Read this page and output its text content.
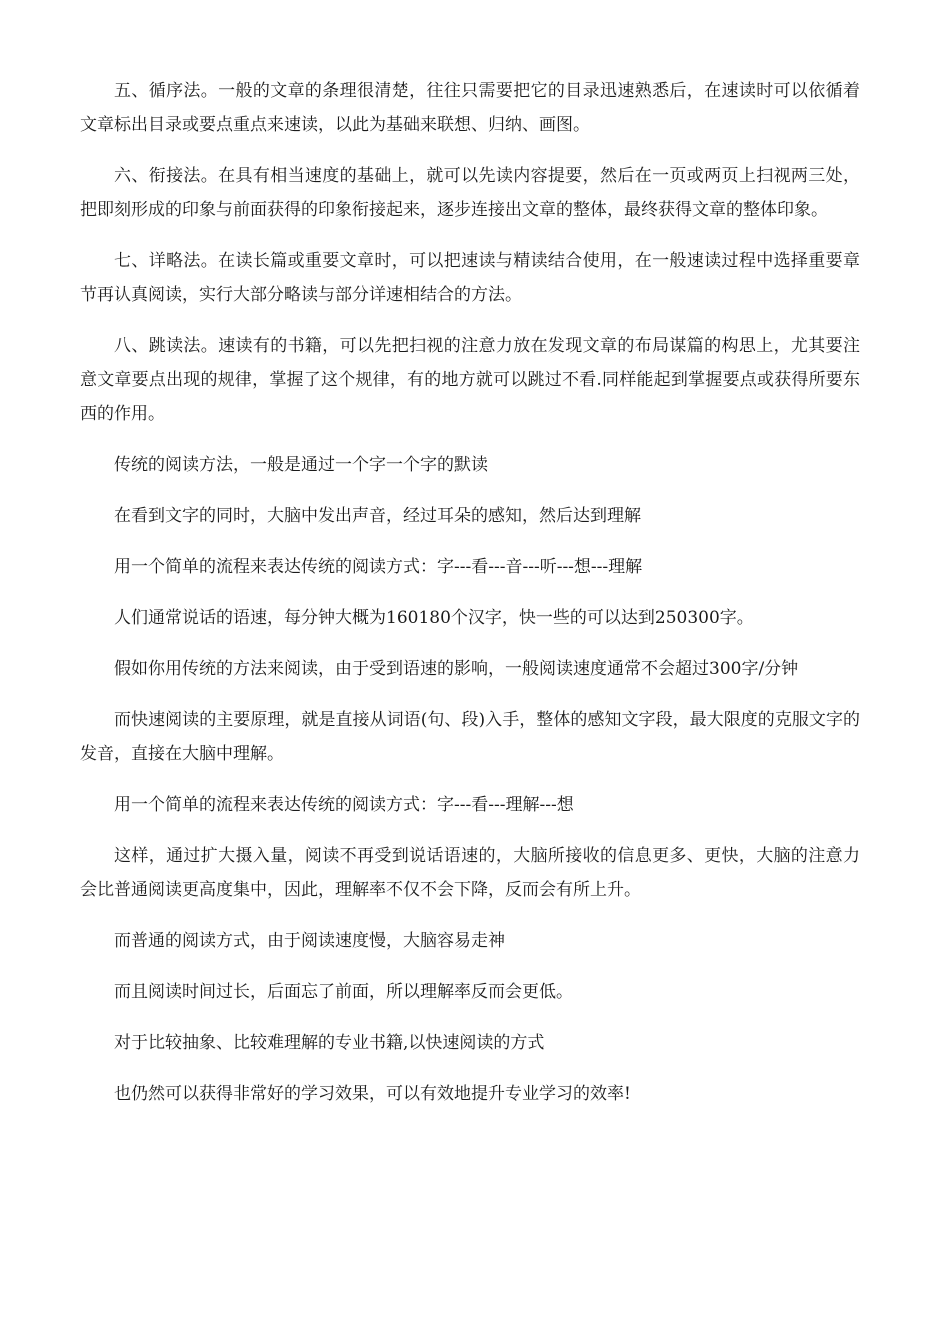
五、循序法。一般的文章的条理很清楚，往往只需要把它的目录迅速熟悉后，在速读时可以依循着文章标出目录或要点重点来速读，以此为基础来联想、归纳、画图。

六、衔接法。在具有相当速度的基础上，就可以先读内容提要，然后在一页或两页上扫视两三处，把即刻形成的印象与前面获得的印象衔接起来，逐步连接出文章的整体，最终获得文章的整体印象。

七、详略法。在读长篇或重要文章时，可以把速读与精读结合使用，在一般速读过程中选择重要章节再认真阅读，实行大部分略读与部分详速相结合的方法。

八、跳读法。速读有的书籍，可以先把扫视的注意力放在发现文章的布局谋篇的构思上，尤其要注意文章要点出现的规律，掌握了这个规律，有的地方就可以跳过不看.同样能起到掌握要点或获得所要东西的作用。

传统的阅读方法，一般是通过一个字一个字的默读

在看到文字的同时，大脑中发出声音，经过耳朵的感知，然后达到理解

用一个简单的流程来表达传统的阅读方式：字---看---音---听---想---理解

人们通常说话的语速，每分钟大概为160180个汉字，快一些的可以达到250300字。

假如你用传统的方法来阅读，由于受到语速的影响，一般阅读速度通常不会超过300字/分钟

而快速阅读的主要原理，就是直接从词语(句、段)入手，整体的感知文字段，最大限度的克服文字的发音，直接在大脑中理解。

用一个简单的流程来表达传统的阅读方式：字---看---理解---想

这样，通过扩大摄入量，阅读不再受到说话语速的，大脑所接收的信息更多、更快，大脑的注意力会比普通阅读更高度集中，因此，理解率不仅不会下降，反而会有所上升。

而普通的阅读方式，由于阅读速度慢，大脑容易走神

而且阅读时间过长，后面忘了前面，所以理解率反而会更低。

对于比较抽象、比较难理解的专业书籍,以快速阅读的方式

也仍然可以获得非常好的学习效果，可以有效地提升专业学习的效率!
